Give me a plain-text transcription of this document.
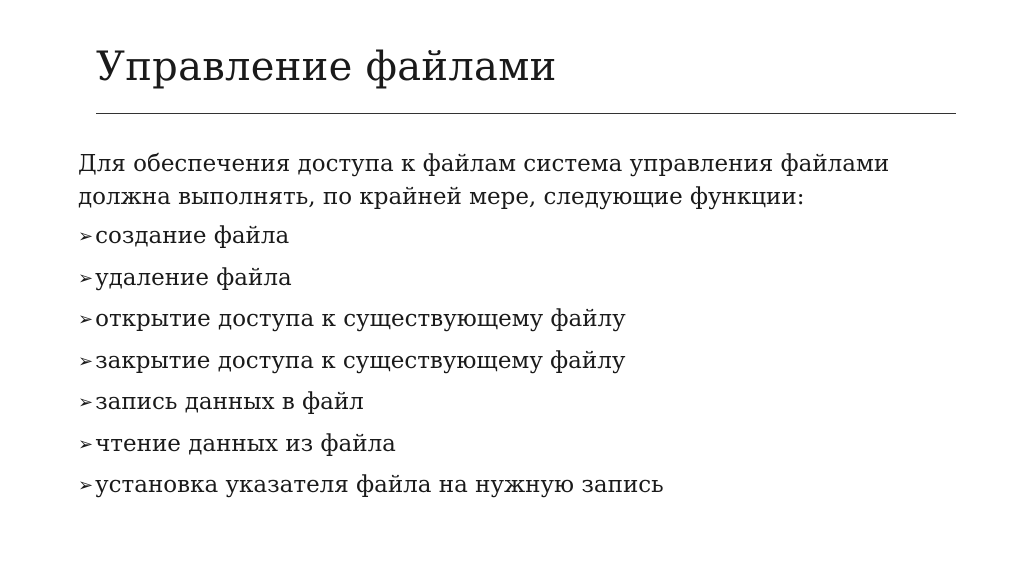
Управление файлами

Для обеспечения доступа к файлам система управления файлами
должна выполнять, по крайней мере, следующие функции:

➢создание файла
➢удаление файла
➢открытие доступа к существующему файлу
➢закрытие доступа к существующему файлу
➢запись данных в файл
➢чтение данных из файла
➢установка указателя файла на нужную запись
